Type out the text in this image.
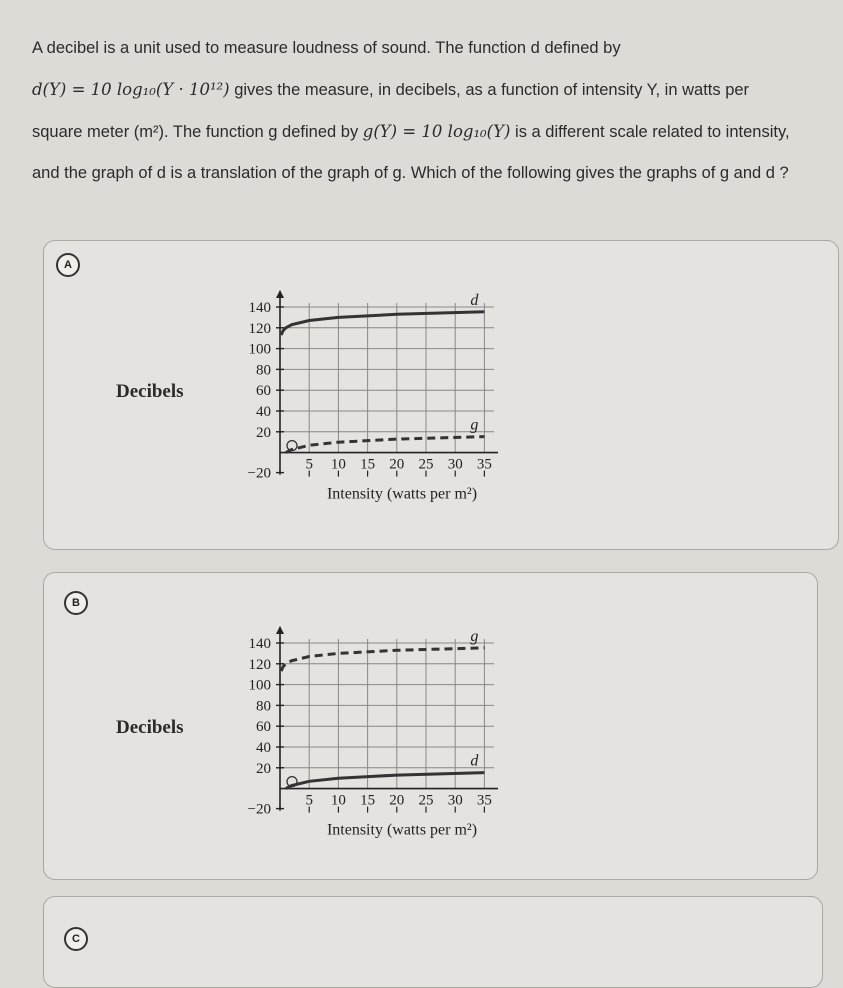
A decibel is a unit used to measure loudness of sound. The function d defined by

d(Y) = 10 log₁₀(Y · 10¹²) gives the measure, in decibels, as a function of intensity Y, in watts per

square meter (m²). The function g defined by g(Y) = 10 log₁₀(Y) is a different scale related to intensity,

and the graph of d is a translation of the graph of g. Which of the following gives the graphs of g and d ?

A
Decibels
140
120
100
80
60
40
20
−20
5 10 15 20 25 30 35
d
g
Intensity (watts per m²)
B
Decibels
140
120
100
80
60
40
20
−20
5 10 15 20 25 30 35
g
d
Intensity (watts per m²)
C
